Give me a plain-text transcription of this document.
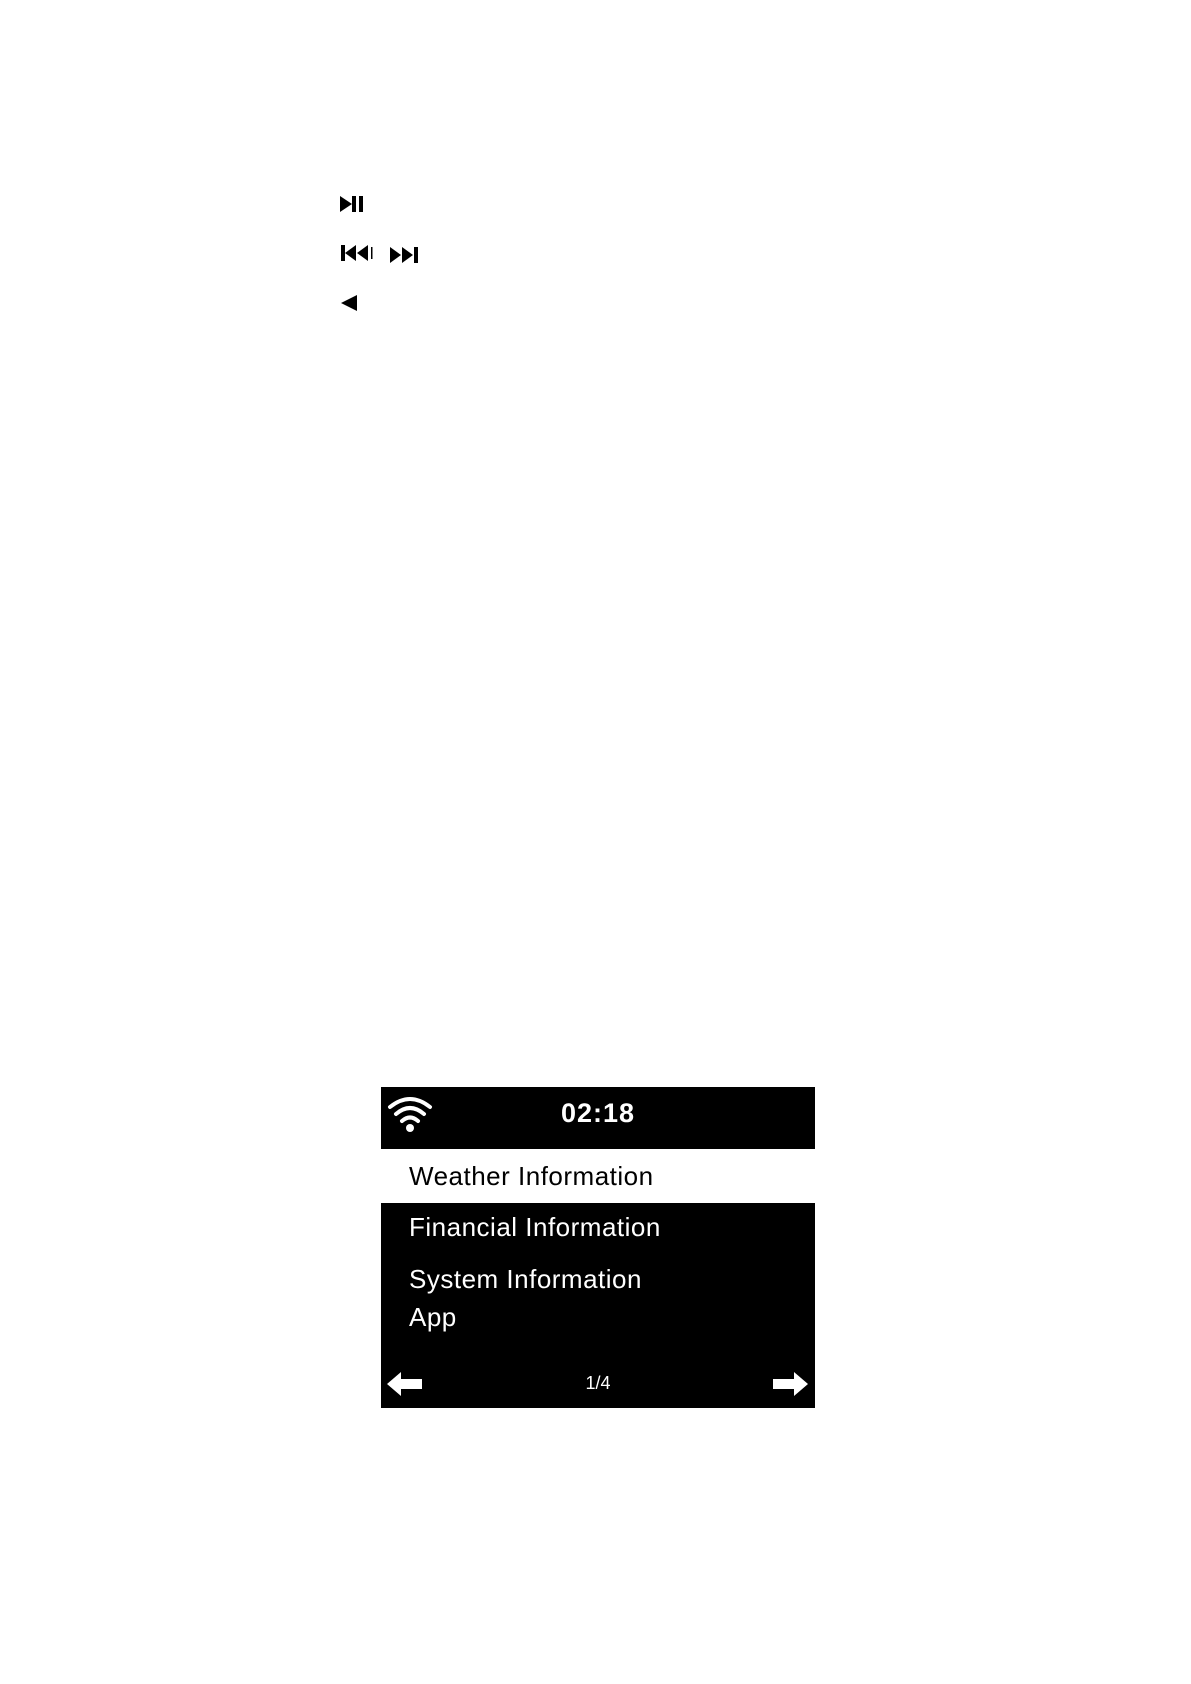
02:18
Weather Information
Financial Information
System Information
App
1/4
